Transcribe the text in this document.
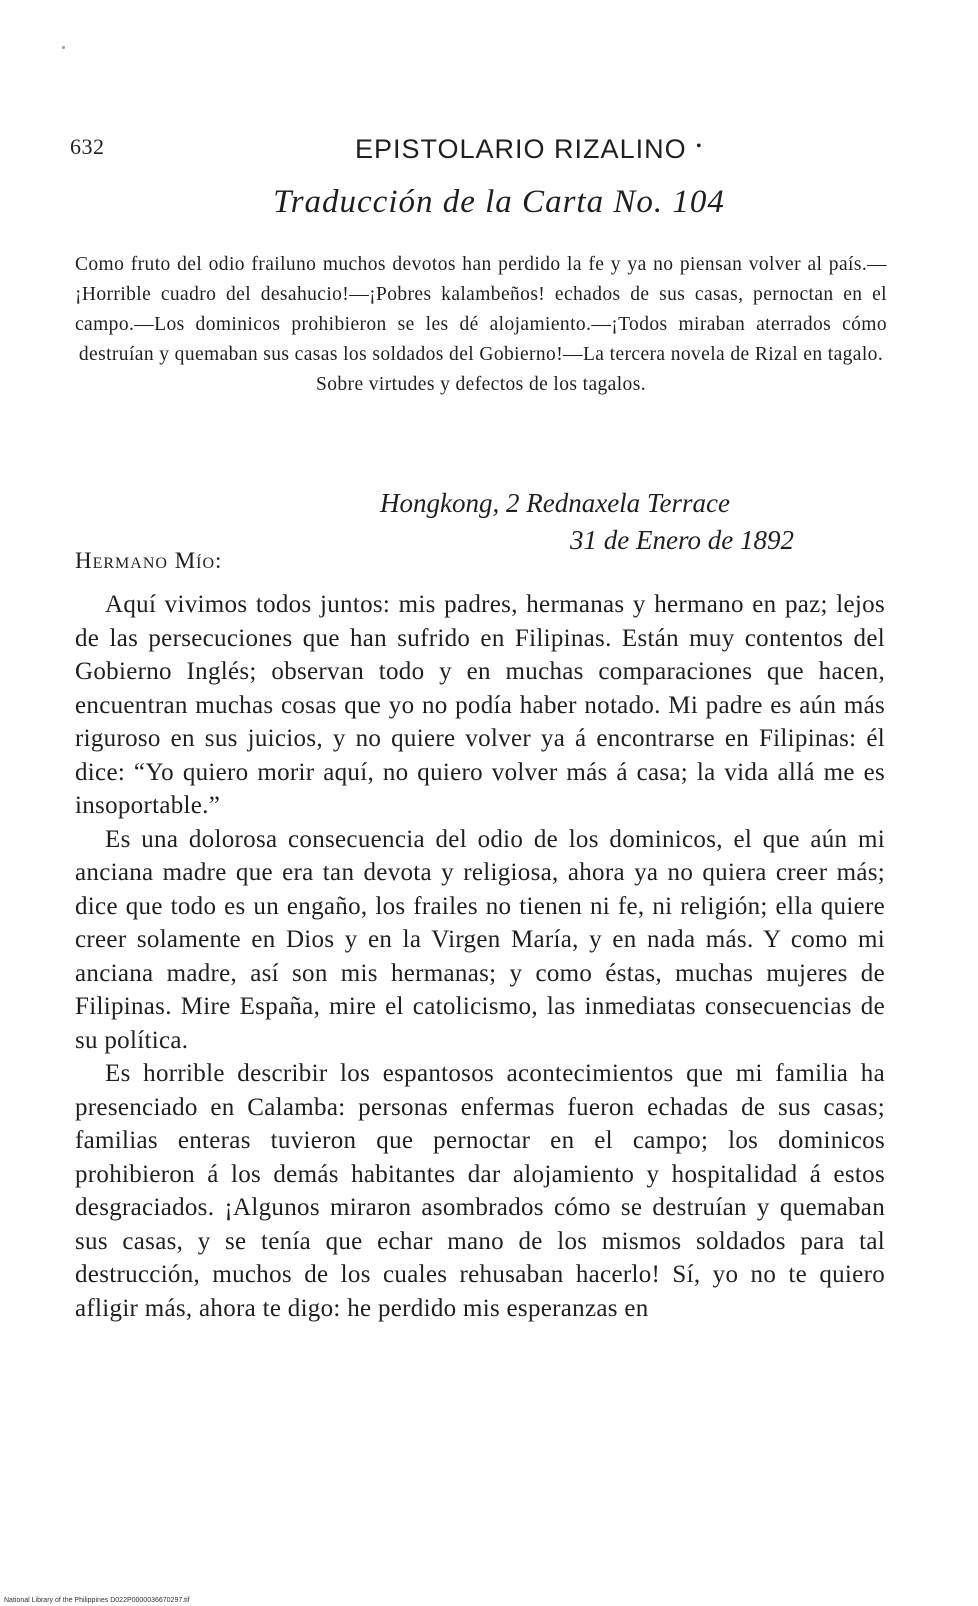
632	EPISTOLARIO RIZALINO •
Traducción de la Carta No. 104
Como fruto del odio frailuno muchos devotos han perdido la fe y ya no piensan volver al país.—¡Horrible cuadro del desahucio!—¡Pobres kalambeños! echados de sus casas, pernoctan en el campo.—Los dominicos prohibieron se les dé alojamiento.—¡Todos miraban aterrados cómo destruían y quemaban sus casas los soldados del Gobierno!—La tercera novela de Rizal en tagalo.
Sobre virtudes y defectos de los tagalos.
Hongkong, 2 Rednaxela Terrace
31 de Enero de 1892
Hermano Mío:

Aquí vivimos todos juntos: mis padres, hermanas y hermano en paz; lejos de las persecuciones que han sufrido en Filipinas. Están muy contentos del Gobierno Inglés; observan todo y en muchas comparaciones que hacen, encuentran muchas cosas que yo no podía haber notado. Mi padre es aún más riguroso en sus juicios, y no quiere volver ya á encontrarse en Filipinas: él dice: “Yo quiero morir aquí, no quiero volver más á casa; la vida allá me es insoportable.”

Es una dolorosa consecuencia del odio de los dominicos, el que aún mi anciana madre que era tan devota y religiosa, ahora ya no quiera creer más; dice que todo es un engaño, los frailes no tienen ni fe, ni religión; ella quiere creer solamente en Dios y en la Virgen María, y en nada más. Y como mi anciana madre, así son mis hermanas; y como éstas, muchas mujeres de Filipinas. Mire España, mire el catolicismo, las inmediatas consecuencias de su política.

Es horrible describir los espantosos acontecimientos que mi familia ha presenciado en Calamba: personas enfermas fueron echadas de sus casas; familias enteras tuvieron que pernoctar en el campo; los dominicos prohibieron á los demás habitantes dar alojamiento y hospitalidad á estos desgraciados. ¡Algunos miraron asombrados cómo se destruían y quemaban sus casas, y se tenía que echar mano de los mismos soldados para tal destrucción, muchos de los cuales rehusaban hacerlo! Sí, yo no te quiero afligir más, ahora te digo: he perdido mis esperanzas en

National Library of the Philippines D022P0000036670297.tif
